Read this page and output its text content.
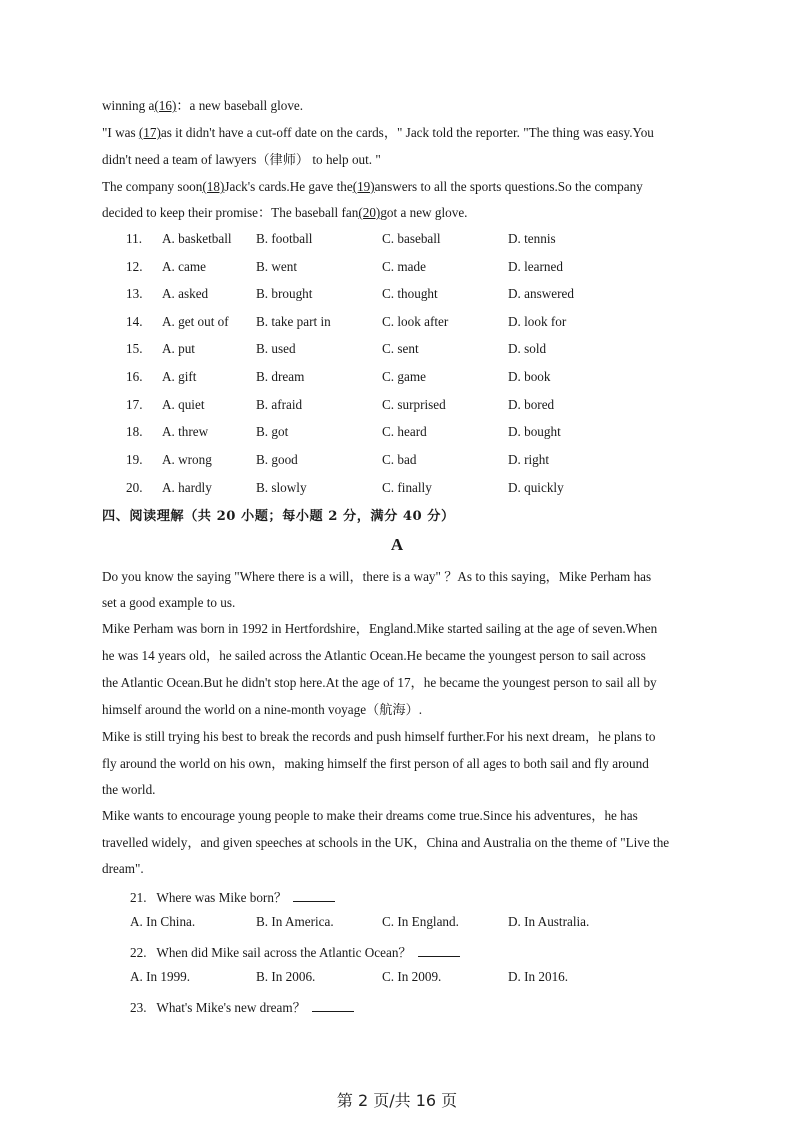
winning a(16)：a new baseball glove.
"I was (17)as it didn't have a cut-off date on the cards，" Jack told the reporter. "The thing was easy.You
didn't need a team of lawyers（律师） to help out. "
The company soon(18)Jack's cards.He gave the(19)answers to all the sports questions.So the company
decided to keep their promise：The baseball fan(20)got a new glove.
11.	A. basketball B. football	C. baseball	D. tennis
12.	A. came	B. went	C. made	D. learned
13.	A. asked	B. brought	C. thought	D. answered
14.	A. get out of B. take part in	C. look after	D. look for
15.	A. put	B. used	C. sent	D. sold
16.	A. gift	B. dream	C. game	D. book
17.	A. quiet	B. afraid	C. surprised	D. bored
18.	A. threw	B. got	C. heard	D. bought
19.	A. wrong	B. good	C. bad	D. right
20.	A. hardly	B. slowly	C. finally	D. quickly
四、阅读理解（共 20 小题；每小题 2 分，满分 40 分）
A
Do you know the saying "Where there is a will，there is a way" ？As to this saying，Mike Perham has
set a good example to us.
Mike Perham was born in 1992 in Hertfordshire，England.Mike started sailing at the age of seven.When
he was 14 years old，he sailed across the Atlantic Ocean.He became the youngest person to sail across
the Atlantic Ocean.But he didn't stop here.At the age of 17，he became the youngest person to sail all by
himself around the world on a nine-month voyage（航海）.
Mike is still trying his best to break the records and push himself further.For his next dream，he plans to
fly around the world on his own，making himself the first person of all ages to both sail and fly around
the world.
Mike wants to encourage young people to make their dreams come true.Since his adventures，he has
travelled widely，and given speeches at schools in the UK，China and Australia on the theme of "Live the
dream".
21. Where was Mike born？
A. In China.	B. In America.	C. In England.	D. In Australia.
22. When did Mike sail across the Atlantic Ocean？
A. In 1999.	B. In 2006.	C. In 2009.	D. In 2016.
23. What's Mike's new dream？
第 2 页/共 16 页
